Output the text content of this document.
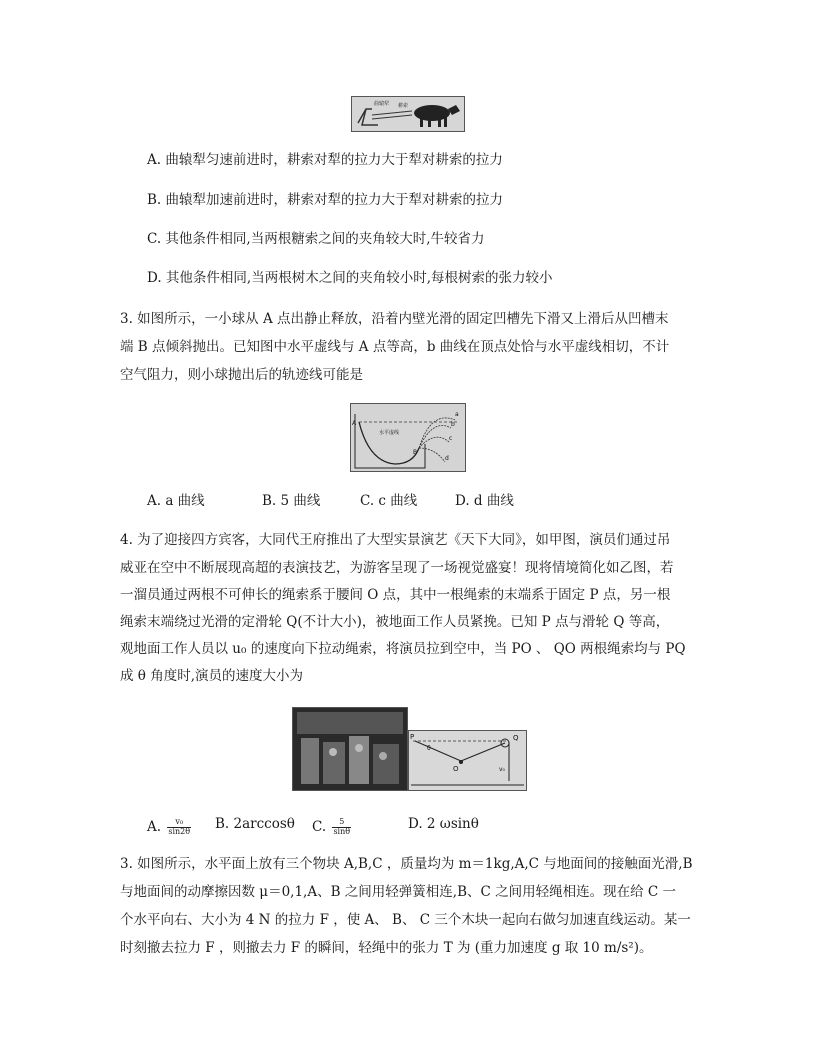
曲辕犁 耕索
A. 曲辕犁匀速前进时，耕索对犁的拉力大于犁对耕索的拉力
B. 曲辕犁加速前进时，耕索对犁的拉力大于犁对耕索的拉力
C. 其他条件相同,当两根糖索之间的夹角较大时,牛较省力
D. 其他条件相同,当两根树木之间的夹角较小时,每根树索的张力较小
3. 如图所示，一小球从 A 点出静止释放，沿着内壁光滑的固定凹槽先下滑又上滑后从凹槽末
端 B 点倾斜抛出。已知图中水平虚线与 A 点等高，b 曲线在顶点处恰与水平虚线相切，不计
空气阻力，则小球抛出后的轨迹线可能是
A
B
水平虚线
a
b
c
d
A. a 曲线	B. 5 曲线	C. c 曲线	D. d 曲线
4. 为了迎接四方宾客，大同代王府推出了大型实景演艺《天下大同》，如甲图，演员们通过吊
威亚在空中不断展现高超的表演技艺，为游客呈现了一场视觉盛宴！现将情境简化如乙图，若
一溜员通过两根不可伸长的绳索系于腰间 O 点，其中一根绳索的末端系于固定 P 点，另一根
绳索末端绕过光滑的定滑轮 Q(不计大小)，被地面工作人员紧挽。已知 P 点与滑轮 Q 等高，
观地面工作人员以 u₀ 的速度向下拉动绳索，将演员拉到空中，当 PO 、 QO 两根绳索均与 PQ
成 θ 角度时,演员的速度大小为
P	Q
O
θ
v₀
A. $\frac{\text{v₀}}{\sin 2\theta} B$. 2arccosθ C. $\frac{5}{\sin\theta}$	D. 2 ωsinθ
3. 如图所示，水平面上放有三个物块 A,B,C ，质量均为 m＝1kg,A,C 与地面间的接触面光滑,B
与地面间的动摩擦因数 μ＝0,1,A、B 之间用轻弹簧相连,B、C 之间用轻绳相连。现在给 C 一
个水平向右、大小为 4 N 的拉力 F ，使 A、 B、 C 三个木块一起向右做匀加速直线运动。某一
时刻撤去拉力 F ，则撤去力 F 的瞬间，轻绳中的张力 T 为 (重力加速度 g 取 10 m/s²)。
